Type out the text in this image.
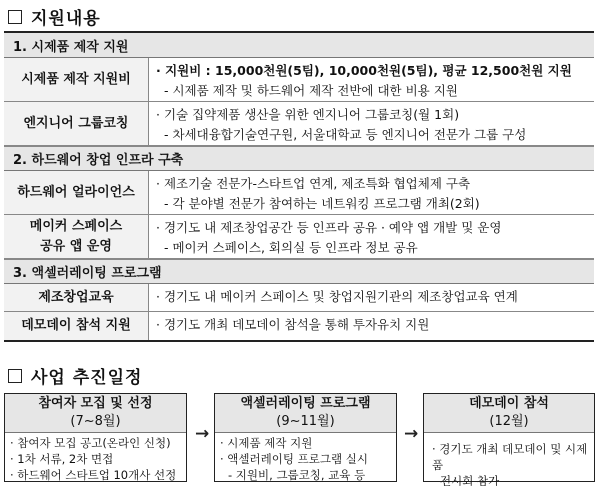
지원내용
1. 시제품 제작 지원
시제품 제작 지원비
· 지원비 : 15,000천원(5팀), 10,000천원(5팀), 평균 12,500천원 지원
- 시제품 제작 및 하드웨어 제작 전반에 대한 비용 지원
엔지니어 그룹코칭
· 기술 집약제품 생산을 위한 엔지니어 그룹코칭(월 1회)
- 차세대융합기술연구원, 서울대학교 등 엔지니어 전문가 그룹 구성
2. 하드웨어 창업 인프라 구축
하드웨어 얼라이언스
· 제조기술 전문가-스타트업 연계, 제조특화 협업체제 구축
- 각 분야별 전문가 참여하는 네트워킹 프로그램 개최(2회)
메이커 스페이스
공유 앱 운영
· 경기도 내 제조창업공간 등 인프라 공유 · 예약 앱 개발 및 운영
- 메이커 스페이스, 회의실 등 인프라 정보 공유
3. 액셀러레이팅 프로그램
제조창업교육	· 경기도 내 메이커 스페이스 및 창업지원기관의 제조창업교육 연계
데모데이 참석 지원	· 경기도 개최 데모데이 참석을 통해 투자유치 지원
사업 추진일정
참여자 모집 및 선정
(7~8월)
· 참여자 모집 공고(온라인 신청)
· 1차 서류, 2차 면접
· 하드웨어 스타트업 10개사 선정
→
액셀러레이팅 프로그램
(9~11월)
· 시제품 제작 지원
· 액셀러레이팅 프로그램 실시
- 지원비, 그룹코칭, 교육 등
→
데모데이 참석
(12월)
· 경기도 개최 데모데이 및 시제품
전시회 참가
